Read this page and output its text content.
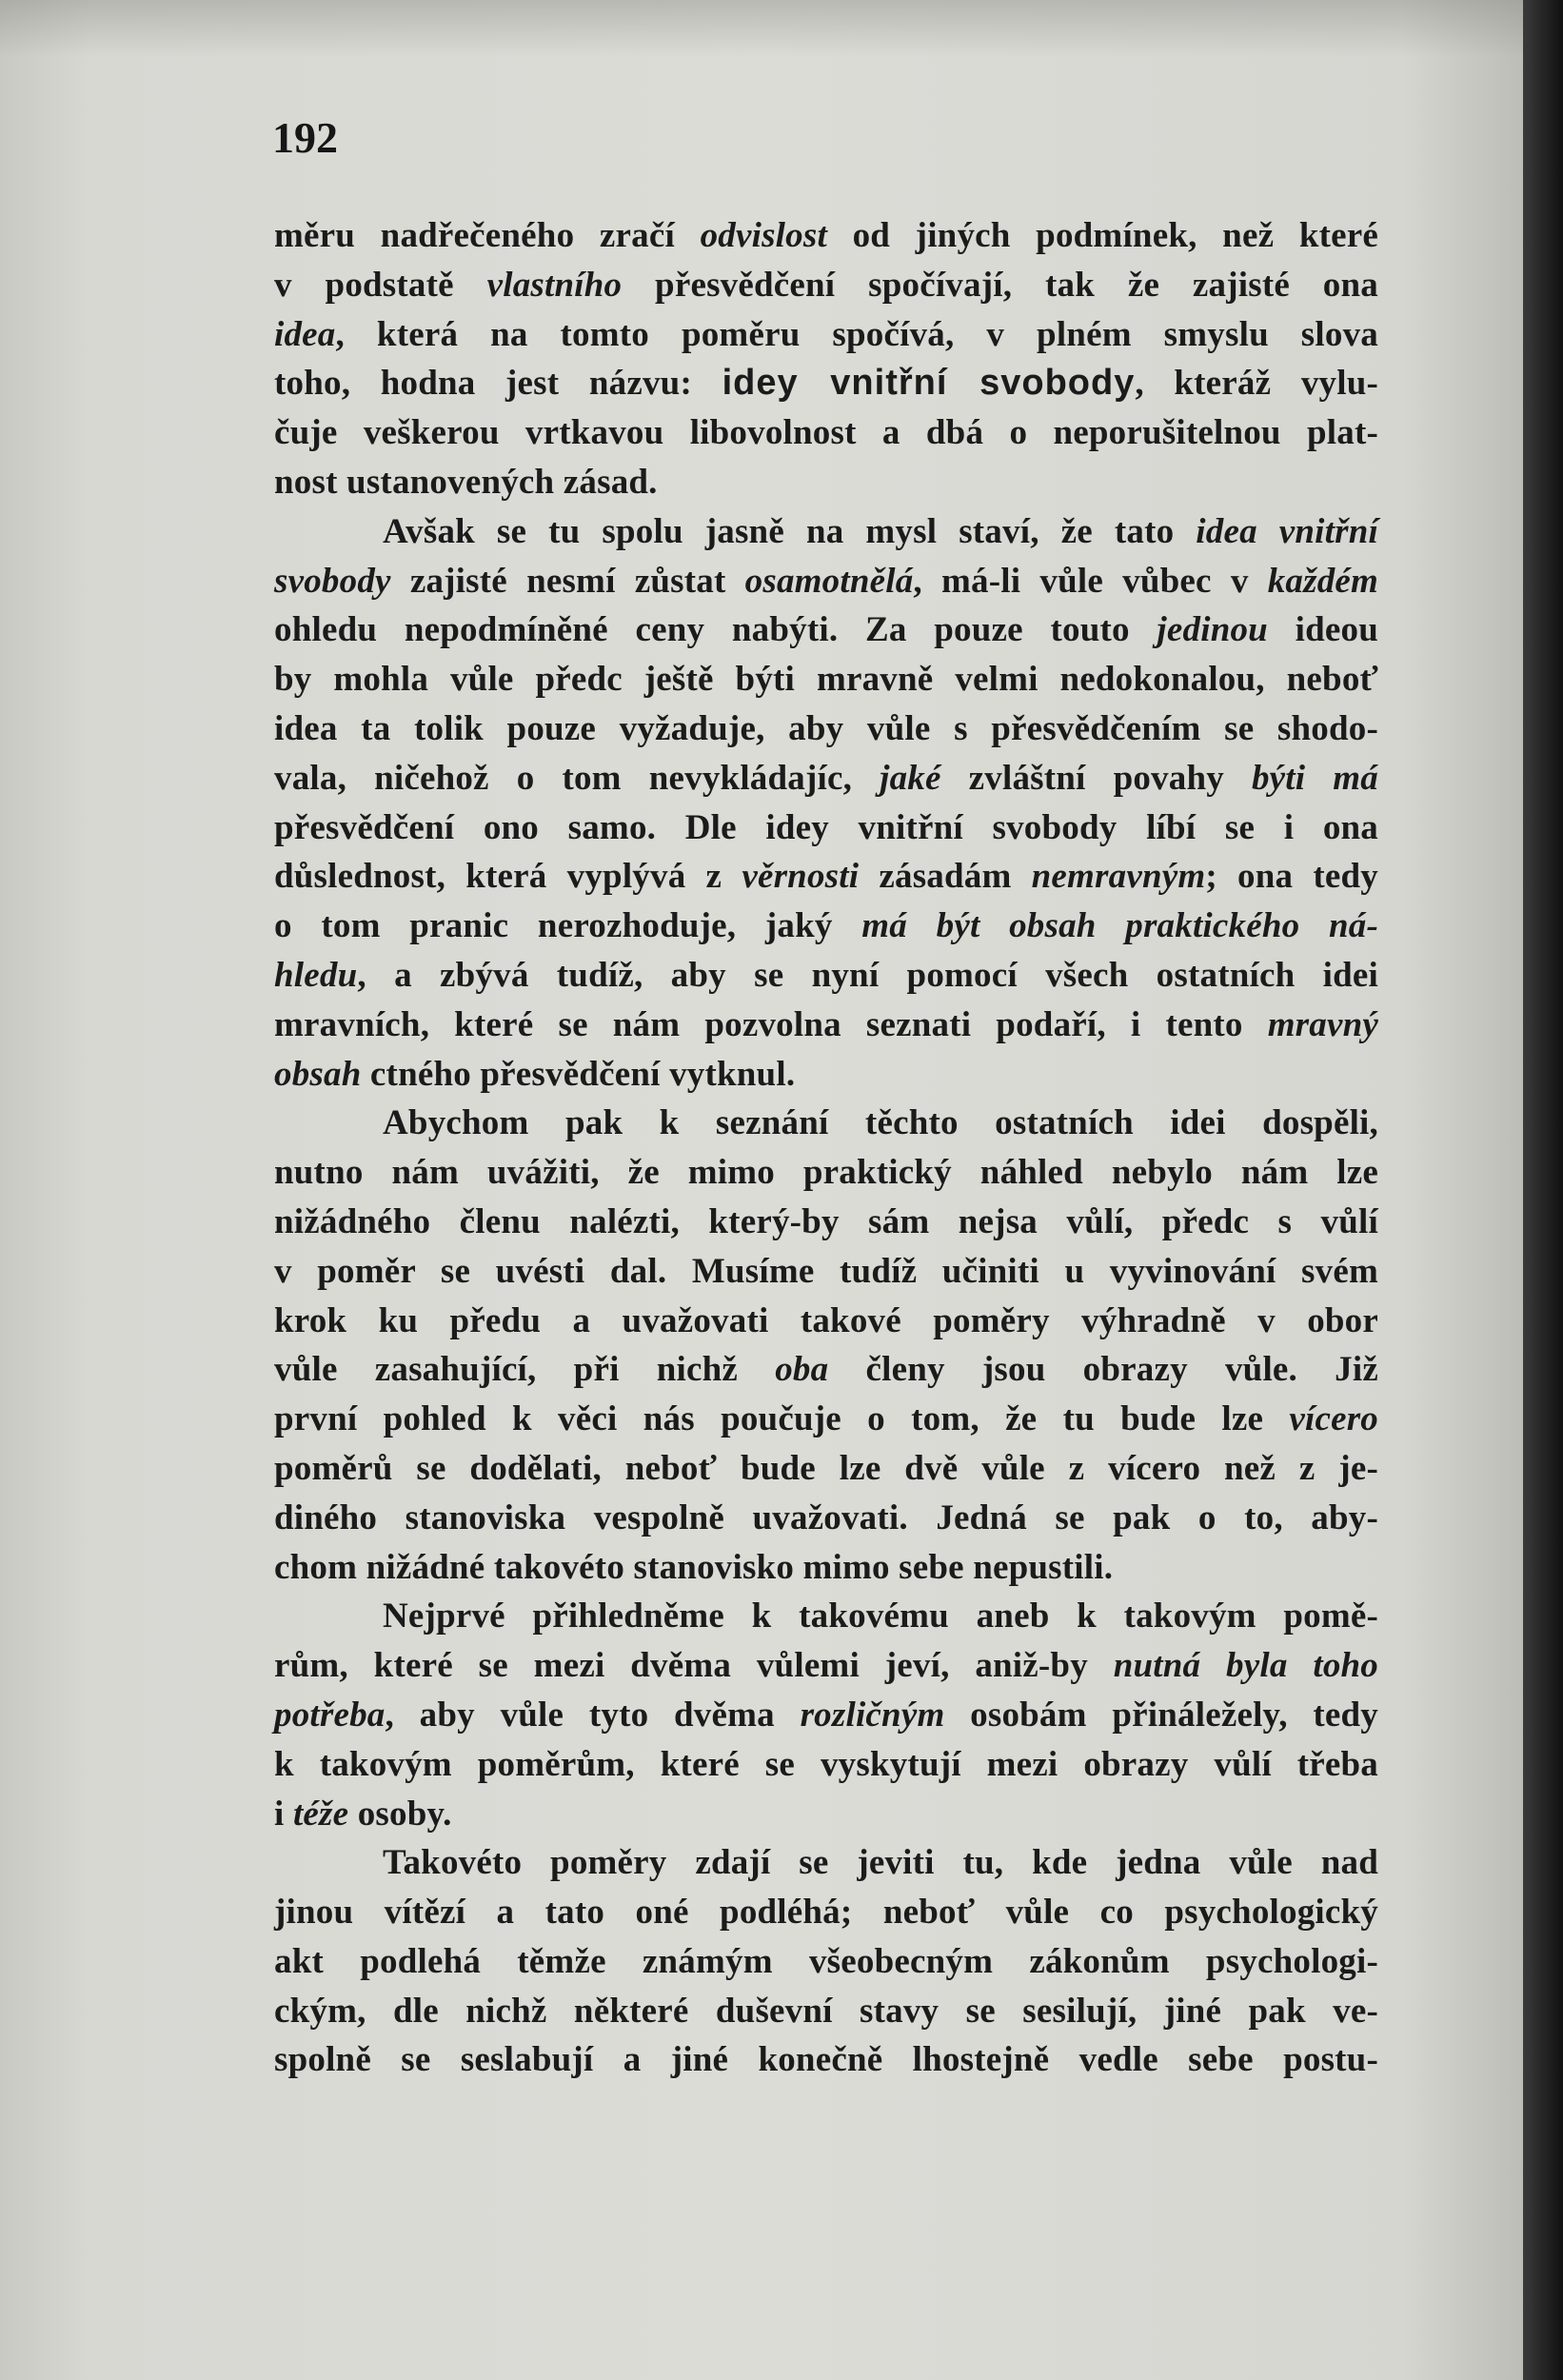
192
měru nadřečeného zračí odvislost od jiných podmínek, než které
v podstatě vlastního přesvědčení spočívají, tak že zajisté ona
idea, která na tomto poměru spočívá, v plném smyslu slova
toho, hodna jest názvu: idey vnitřní svobody, kteráž vylu-
čuje veškerou vrtkavou libovolnost a dbá o neporušitelnou plat-
nost ustanovených zásad.
Avšak se tu spolu jasně na mysl staví, že tato idea vnitřní
svobody zajisté nesmí zůstat osamotnělá, má-li vůle vůbec v každém
ohledu nepodmíněné ceny nabýti. Za pouze touto jedinou ideou
by mohla vůle předc ještě býti mravně velmi nedokonalou, neboť
idea ta tolik pouze vyžaduje, aby vůle s přesvědčením se shodo-
vala, ničehož o tom nevykládajíc, jaké zvláštní povahy býti má
přesvědčení ono samo. Dle idey vnitřní svobody líbí se i ona
důslednost, která vyplývá z věrnosti zásadám nemravným; ona tedy
o tom pranic nerozhoduje, jaký má být obsah praktického ná-
hledu, a zbývá tudíž, aby se nyní pomocí všech ostatních idei
mravních, které se nám pozvolna seznati podaří, i tento mravný
obsah ctného přesvědčení vytknul.
Abychom pak k seznání těchto ostatních idei dospěli,
nutno nám uvážiti, že mimo praktický náhled nebylo nám lze
nižádného členu nalézti, který-by sám nejsa vůlí, předc s vůlí
v poměr se uvésti dal. Musíme tudíž učiniti u vyvinování svém
krok ku předu a uvažovati takové poměry výhradně v obor
vůle zasahující, při nichž oba členy jsou obrazy vůle. Již
první pohled k věci nás poučuje o tom, že tu bude lze vícero
poměrů se dodělati, neboť bude lze dvě vůle z vícero než z je-
diného stanoviska vespolně uvažovati. Jedná se pak o to, aby-
chom nižádné takovéto stanovisko mimo sebe nepustili.
Nejprvé přihledněme k takovému aneb k takovým pomě-
rům, které se mezi dvěma vůlemi jeví, aniž-by nutná byla toho
potřeba, aby vůle tyto dvěma rozličným osobám přináležely, tedy
k takovým poměrům, které se vyskytují mezi obrazy vůlí třeba
i téže osoby.
Takovéto poměry zdají se jeviti tu, kde jedna vůle nad
jinou vítězí a tato oné podléhá; neboť vůle co psychologický
akt podlehá těmže známým všeobecným zákonům psychologi-
ckým, dle nichž některé duševní stavy se sesilují, jiné pak ve-
spolně se seslabují a jiné konečně lhostejně vedle sebe postu-
